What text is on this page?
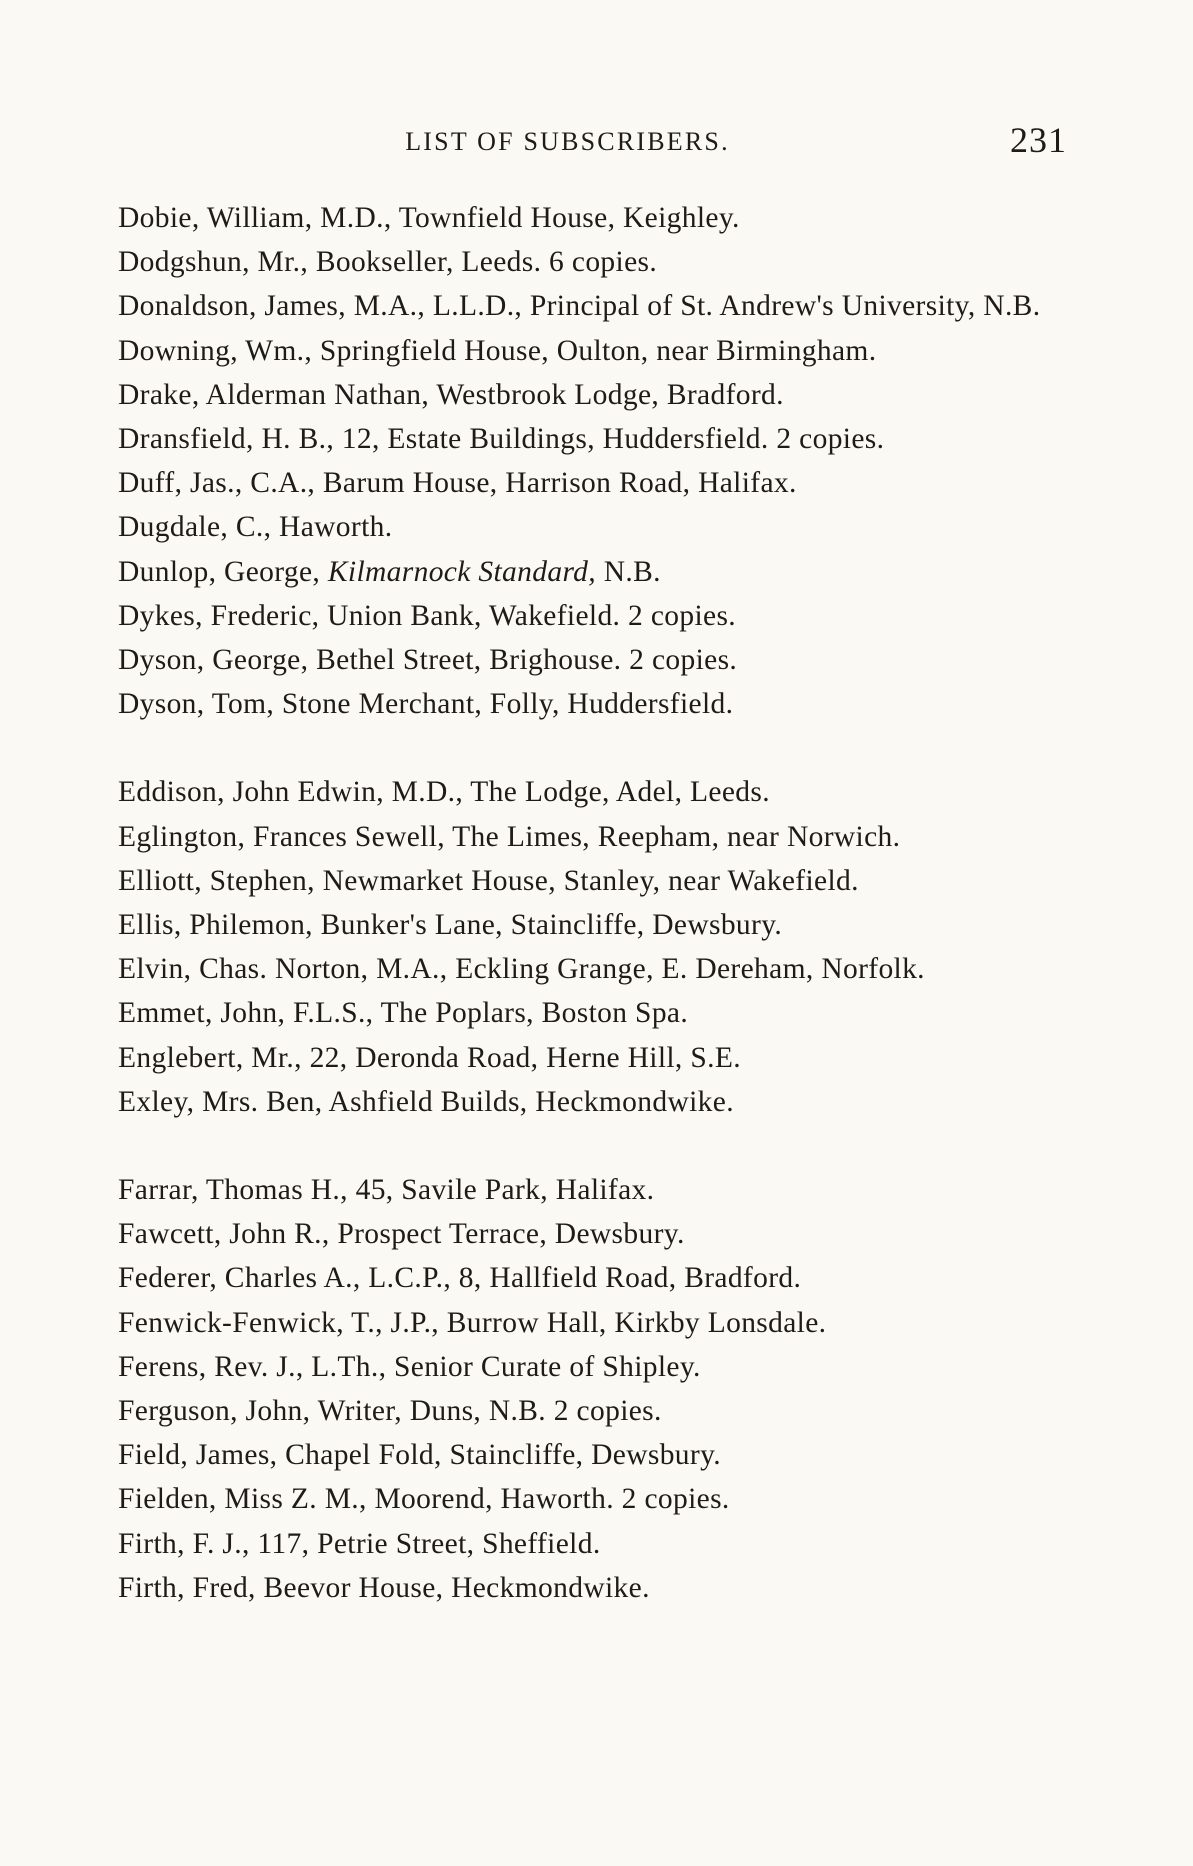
LIST OF SUBSCRIBERS.	231
Dobie, William, M.D., Townfield House, Keighley.
Dodgshun, Mr., Bookseller, Leeds. 6 copies.
Donaldson, James, M.A., L.L.D., Principal of St. Andrew's University, N.B.
Downing, Wm., Springfield House, Oulton, near Birmingham.
Drake, Alderman Nathan, Westbrook Lodge, Bradford.
Dransfield, H. B., 12, Estate Buildings, Huddersfield. 2 copies.
Duff, Jas., C.A., Barum House, Harrison Road, Halifax.
Dugdale, C., Haworth.
Dunlop, George, Kilmarnock Standard, N.B.
Dykes, Frederic, Union Bank, Wakefield. 2 copies.
Dyson, George, Bethel Street, Brighouse. 2 copies.
Dyson, Tom, Stone Merchant, Folly, Huddersfield.
Eddison, John Edwin, M.D., The Lodge, Adel, Leeds.
Eglington, Frances Sewell, The Limes, Reepham, near Norwich.
Elliott, Stephen, Newmarket House, Stanley, near Wakefield.
Ellis, Philemon, Bunker's Lane, Staincliffe, Dewsbury.
Elvin, Chas. Norton, M.A., Eckling Grange, E. Dereham, Norfolk.
Emmet, John, F.L.S., The Poplars, Boston Spa.
Englebert, Mr., 22, Deronda Road, Herne Hill, S.E.
Exley, Mrs. Ben, Ashfield Builds, Heckmondwike.
Farrar, Thomas H., 45, Savile Park, Halifax.
Fawcett, John R., Prospect Terrace, Dewsbury.
Federer, Charles A., L.C.P., 8, Hallfield Road, Bradford.
Fenwick-Fenwick, T., J.P., Burrow Hall, Kirkby Lonsdale.
Ferens, Rev. J., L.Th., Senior Curate of Shipley.
Ferguson, John, Writer, Duns, N.B. 2 copies.
Field, James, Chapel Fold, Staincliffe, Dewsbury.
Fielden, Miss Z. M., Moorend, Haworth. 2 copies.
Firth, F. J., 117, Petrie Street, Sheffield.
Firth, Fred, Beevor House, Heckmondwike.
